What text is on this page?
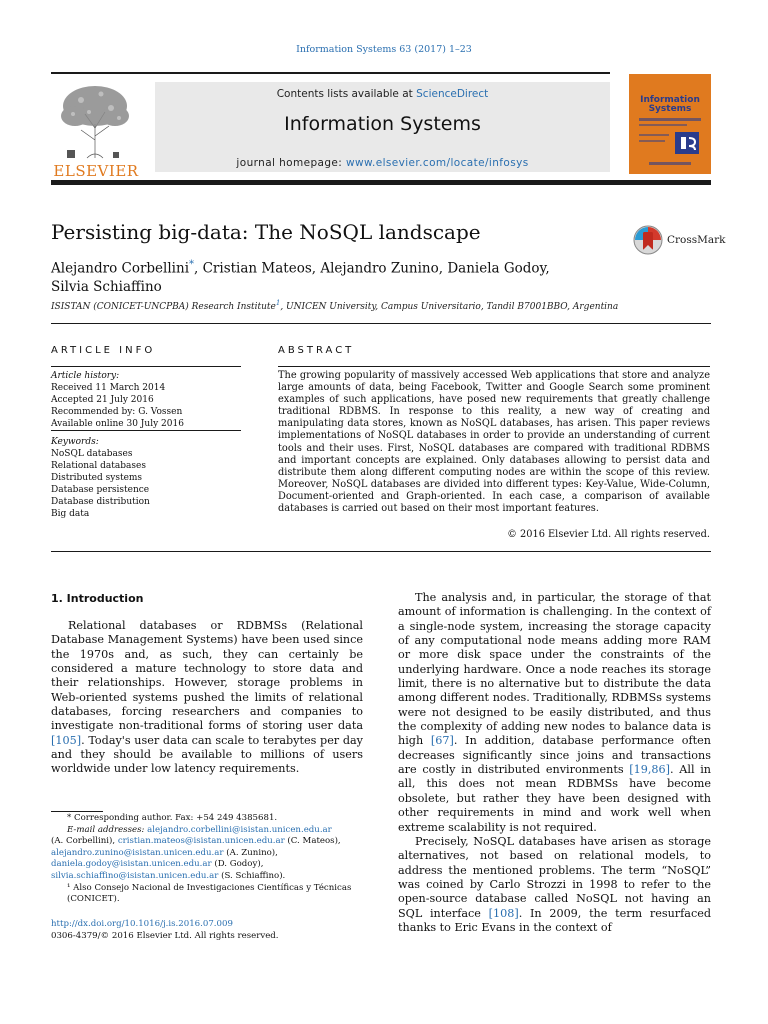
Information Systems 63 (2017) 1–23
ELSEVIER
Contents lists available at ScienceDirect
Information Systems
journal homepage: www.elsevier.com/locate/infosys
Information Systems
Persisting big-data: The NoSQL landscape	CrossMark
Alejandro Corbellini*, Cristian Mateos, Alejandro Zunino, Daniela Godoy,
Silvia Schiaffino
ISISTAN (CONICET-UNCPBA) Research Institute$^1$, UNICEN University, Campus Universitario, Tandil B7001BBO, Argentina
ARTICLE INFO
Article history:
Received 11 March 2014
Accepted 21 July 2016
Recommended by: G. Vossen
Available online 30 July 2016
Keywords:
NoSQL databases
Relational databases
Distributed systems
Database persistence
Database distribution
Big data
ABSTRACT
The growing popularity of massively accessed Web applications that store and analyze large amounts of data, being Facebook, Twitter and Google Search some prominent examples of such applications, have posed new requirements that greatly challenge traditional RDBMS. In response to this reality, a new way of creating and manipulating data stores, known as NoSQL databases, has arisen. This paper reviews implementations of NoSQL databases in order to provide an understanding of current tools and their uses. First, NoSQL databases are compared with traditional RDBMS and important concepts are explained. Only databases allowing to persist data and distribute them along different computing nodes are within the scope of this review. Moreover, NoSQL databases are divided into different types: Key-Value, Wide-Column, Document-oriented and Graph-oriented. In each case, a comparison of available databases is carried out based on their most important features.
© 2016 Elsevier Ltd. All rights reserved.
1. Introduction

Relational databases or RDBMSs (Relational Database Management Systems) have been used since the 1970s and, as such, they can certainly be considered a mature technology to store data and their relationships. However, storage problems in Web-oriented systems pushed the limits of relational databases, forcing researchers and companies to investigate non-traditional forms of storing user data [105]. Today's user data can scale to terabytes per day and they should be available to millions of users worldwide under low latency requirements.

The analysis and, in particular, the storage of that amount of information is challenging. In the context of a single-node system, increasing the storage capacity of any computational node means adding more RAM or more disk space under the constraints of the underlying hardware. Once a node reaches its storage limit, there is no alternative but to distribute the data among different nodes. Traditionally, RDBMSs systems were not designed to be easily distributed, and thus the complexity of adding new nodes to balance data is high [67]. In addition, database performance often decreases significantly since joins and transactions are costly in distributed environments [19,86]. All in all, this does not mean RDBMSs have become obsolete, but rather they have been designed with other requirements in mind and work well when extreme scalability is not required.

Precisely, NoSQL databases have arisen as storage alternatives, not based on relational models, to address the mentioned problems. The term “NoSQL” was coined by Carlo Strozzi in 1998 to refer to the open-source database called NoSQL not having an SQL interface [108]. In 2009, the term resurfaced thanks to Eric Evans in the context of

* Corresponding author. Fax: +54 249 4385681.
E-mail addresses: alejandro.corbellini@isistan.unicen.edu.ar
(A. Corbellini), cristian.mateos@isistan.unicen.edu.ar (C. Mateos),
alejandro.zunino@isistan.unicen.edu.ar (A. Zunino),
daniela.godoy@isistan.unicen.edu.ar (D. Godoy),
silvia.schiaffino@isistan.unicen.edu.ar (S. Schiaffino).
¹ Also Consejo Nacional de Investigaciones Científicas y Técnicas (CONICET).
http://dx.doi.org/10.1016/j.is.2016.07.009
0306-4379/© 2016 Elsevier Ltd. All rights reserved.
